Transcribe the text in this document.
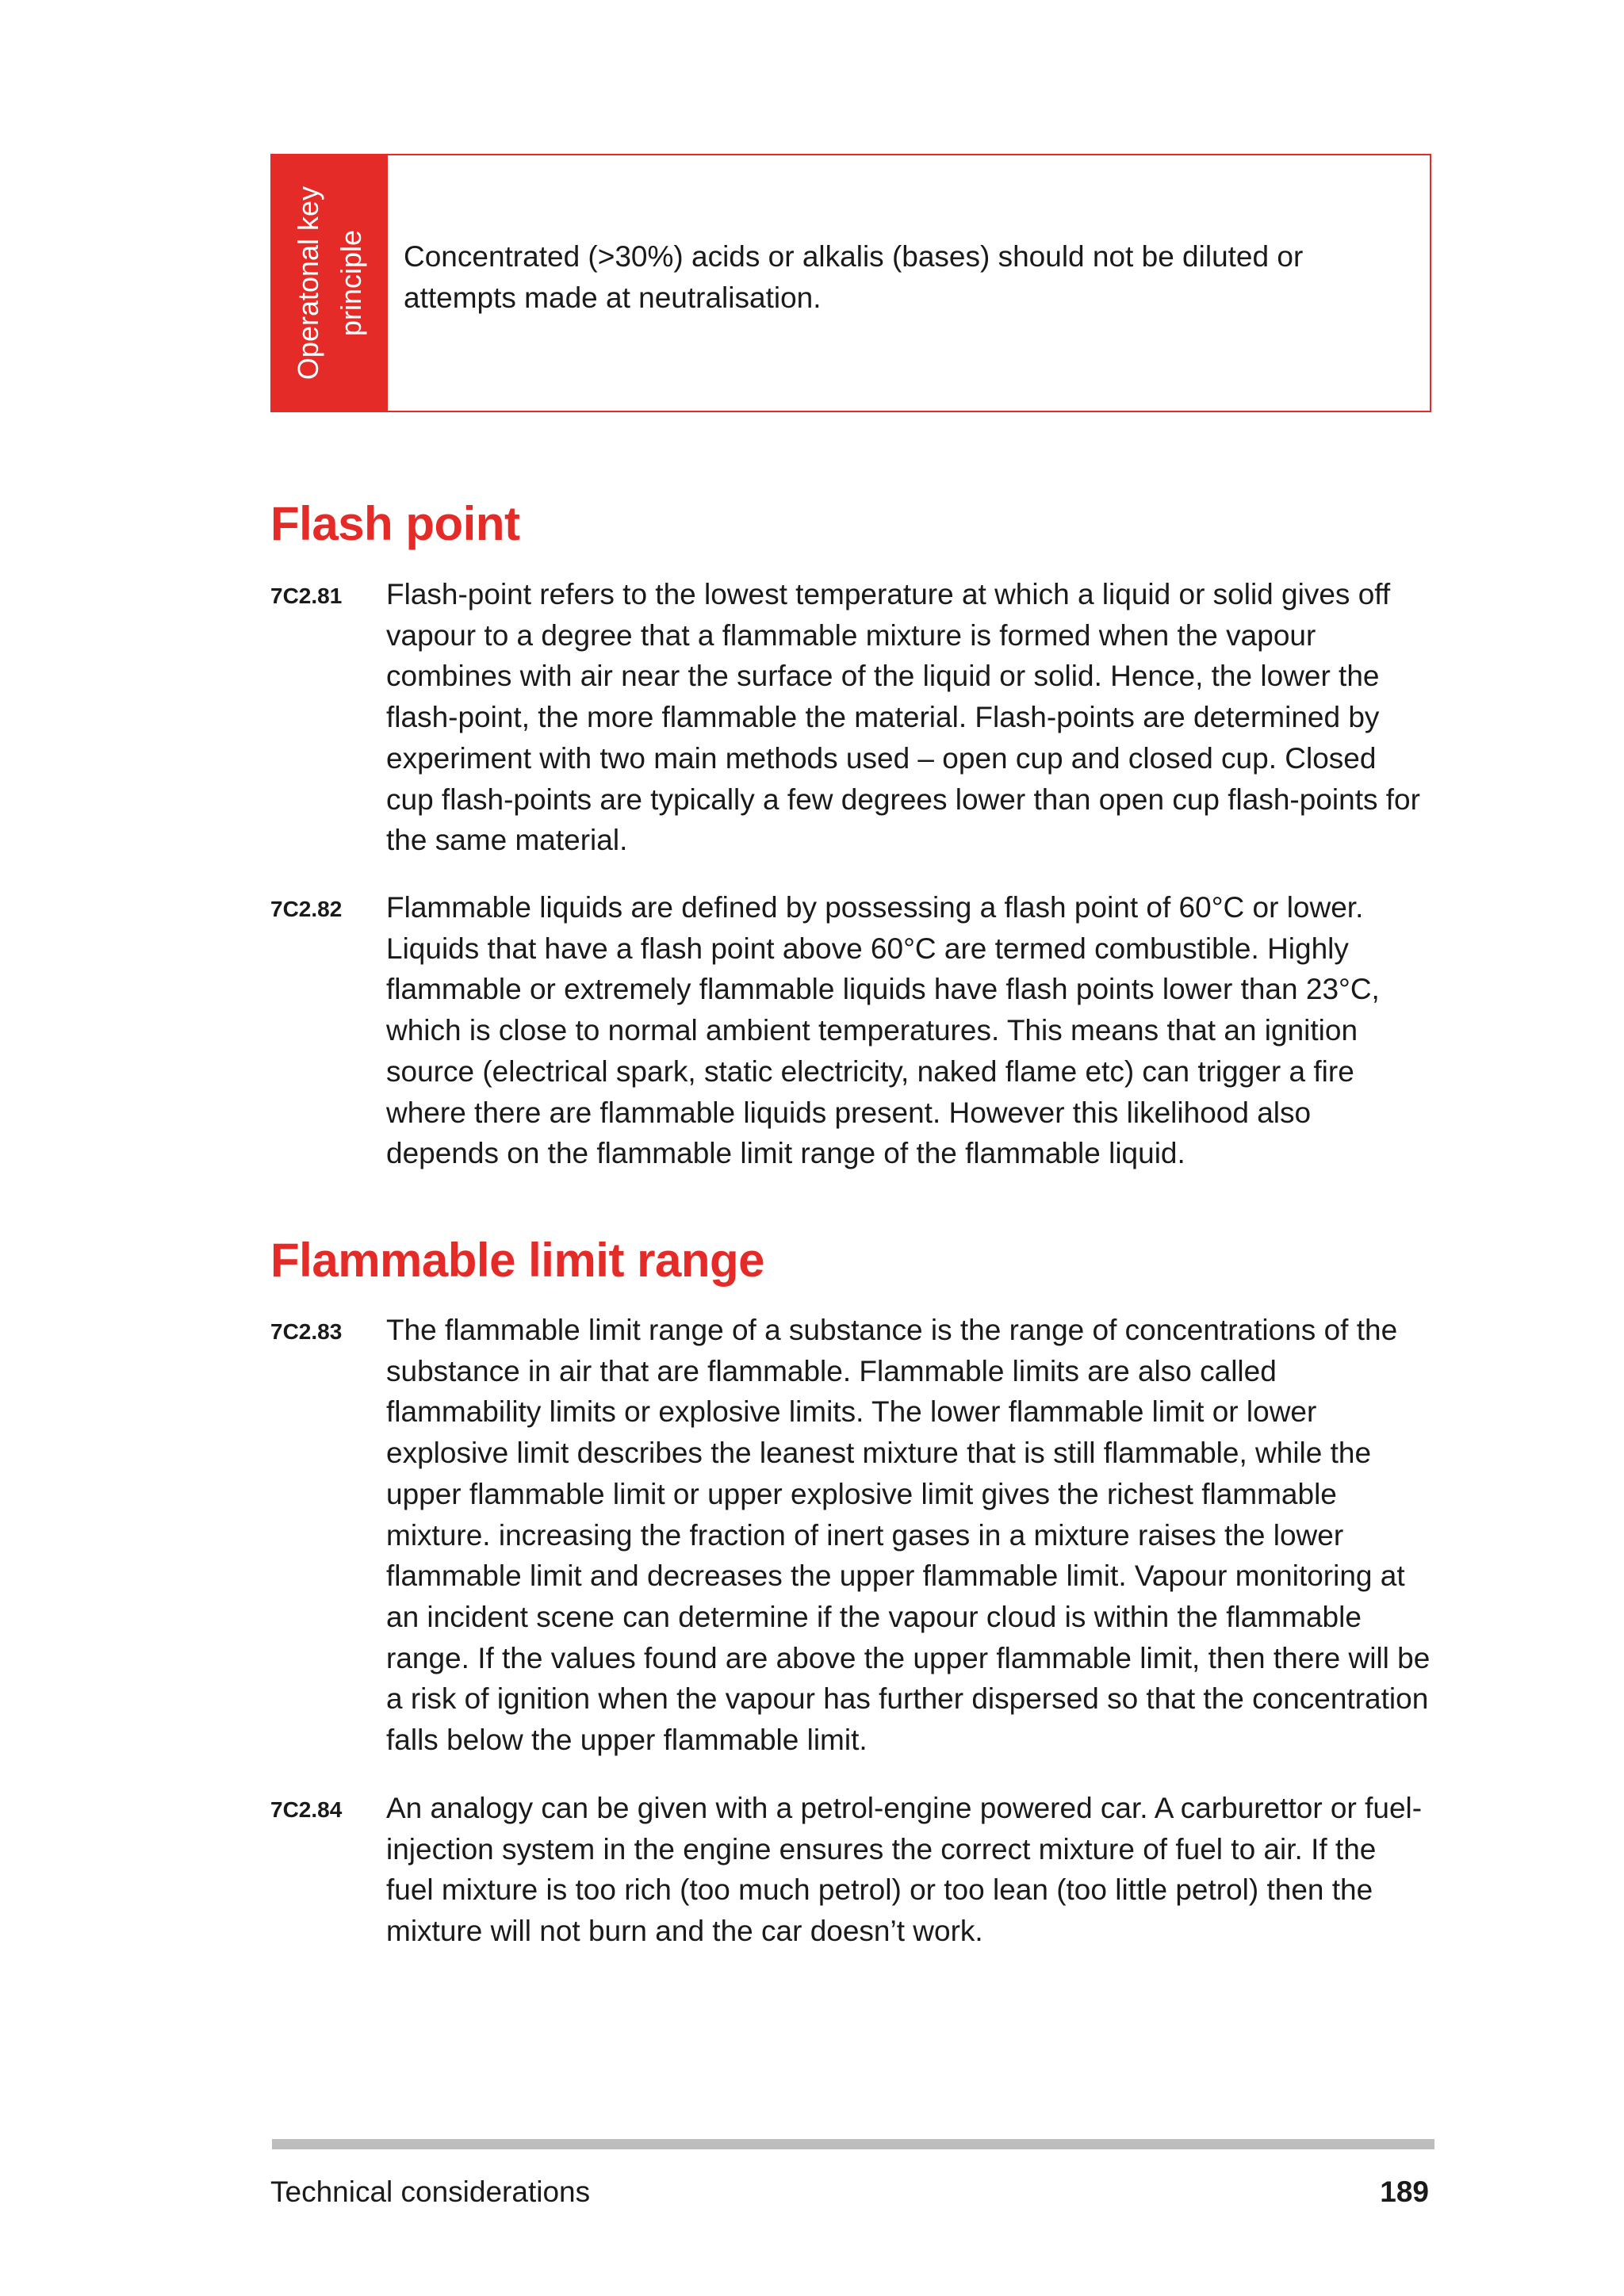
Operatonal key principle	Concentrated (>30%) acids or alkalis (bases) should not be diluted or attempts made at neutralisation.
Flash point
7C2.81	Flash-point refers to the lowest temperature at which a liquid or solid gives off vapour to a degree that a flammable mixture is formed when the vapour combines with air near the surface of the liquid or solid. Hence, the lower the flash-point, the more flammable the material. Flash-points are determined by experiment with two main methods used – open cup and closed cup. Closed cup flash-points are typically a few degrees lower than open cup flash-points for the same material.

7C2.82	Flammable liquids are defined by possessing a flash point of 60°C or lower. Liquids that have a flash point above 60°C are termed combustible. Highly flammable or extremely flammable liquids have flash points lower than 23°C, which is close to normal ambient temperatures. This means that an ignition source (electrical spark, static electricity, naked flame etc) can trigger a fire where there are flammable liquids present. However this likelihood also depends on the flammable limit range of the flammable liquid.

Flammable limit range
7C2.83	The flammable limit range of a substance is the range of concentrations of the substance in air that are flammable. Flammable limits are also called flammability limits or explosive limits. The lower flammable limit or lower explosive limit describes the leanest mixture that is still flammable, while the upper flammable limit or upper explosive limit gives the richest flammable mixture. increasing the fraction of inert gases in a mixture raises the lower flammable limit and decreases the upper flammable limit. Vapour monitoring at an incident scene can determine if the vapour cloud is within the flammable range. If the values found are above the upper flammable limit, then there will be a risk of ignition when the vapour has further dispersed so that the concentration falls below the upper flammable limit.

7C2.84	An analogy can be given with a petrol-engine powered car. A carburettor or fuel-injection system in the engine ensures the correct mixture of fuel to air. If the fuel mixture is too rich (too much petrol) or too lean (too little petrol) then the mixture will not burn and the car doesn’t work.

Technical considerations	189
